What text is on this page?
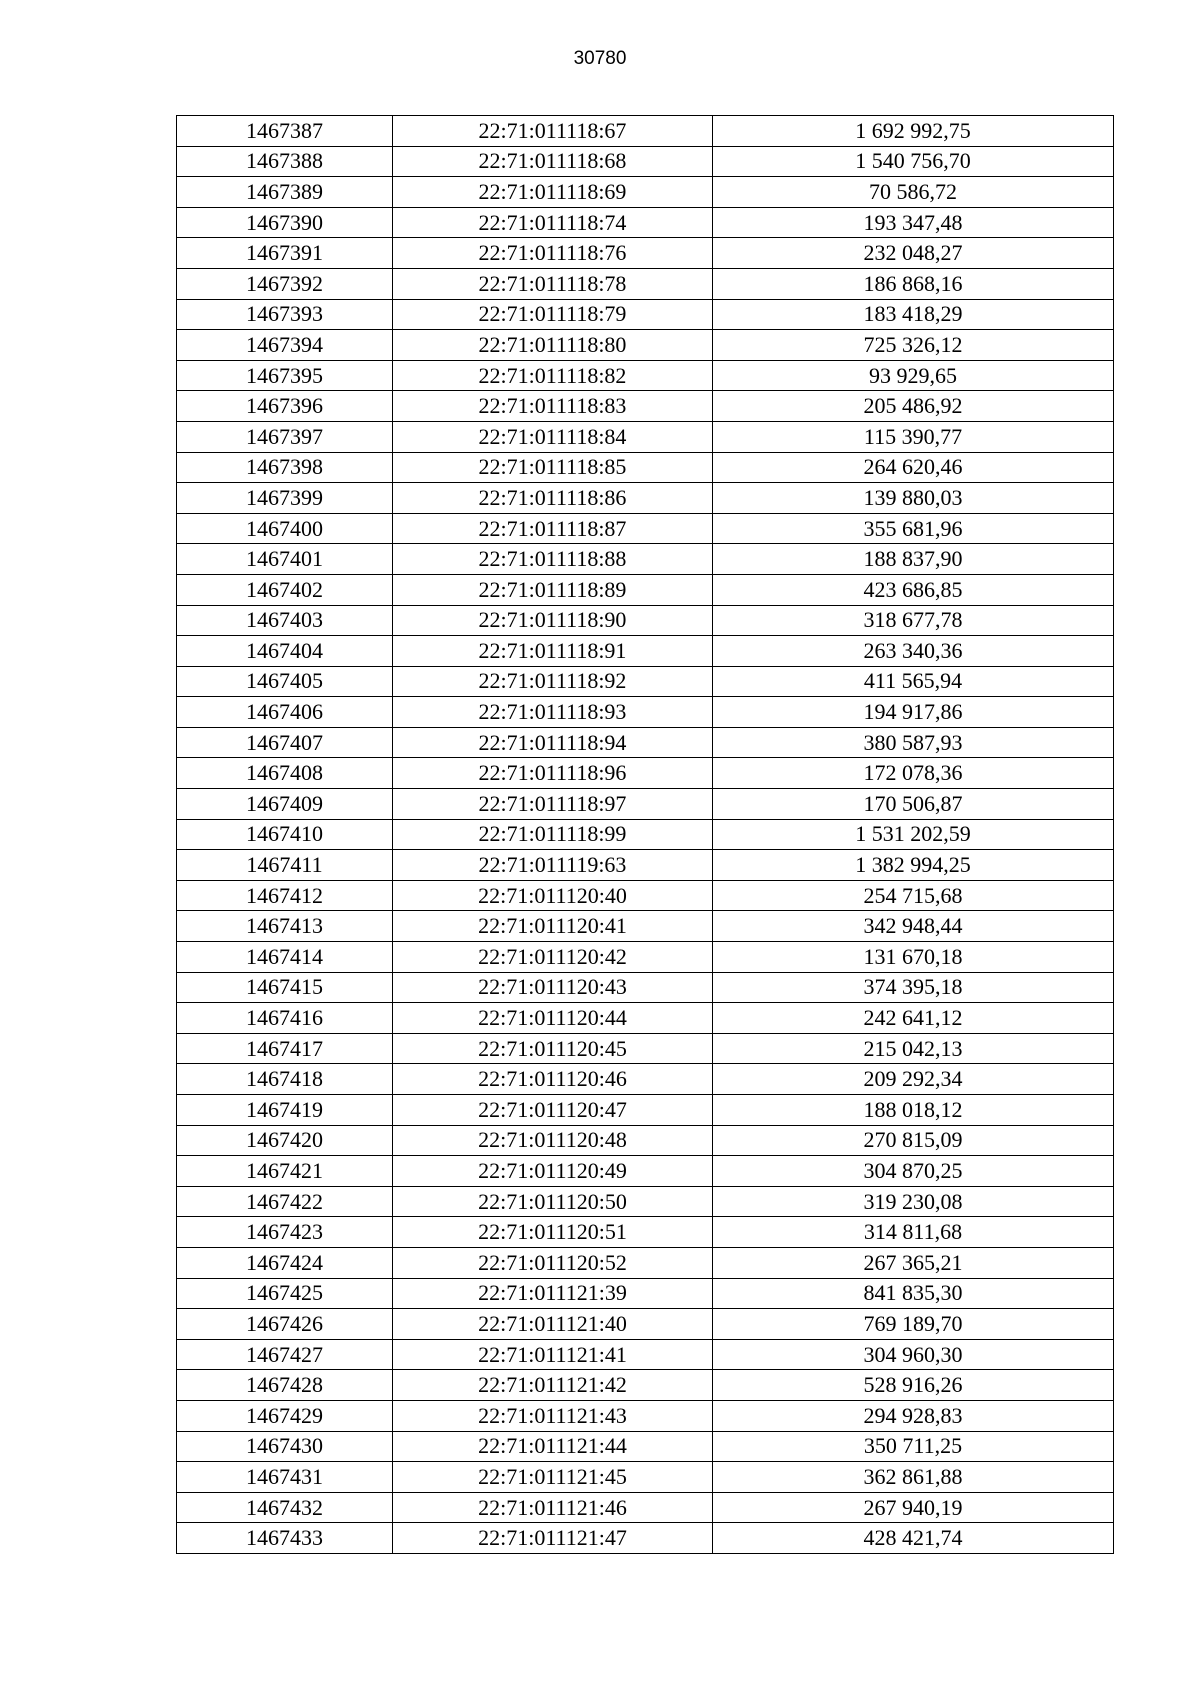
30780
1467387	22:71:011118:67	1 692 992,75
1467388	22:71:011118:68	1 540 756,70
1467389	22:71:011118:69	70 586,72
1467390	22:71:011118:74	193 347,48
1467391	22:71:011118:76	232 048,27
1467392	22:71:011118:78	186 868,16
1467393	22:71:011118:79	183 418,29
1467394	22:71:011118:80	725 326,12
1467395	22:71:011118:82	93 929,65
1467396	22:71:011118:83	205 486,92
1467397	22:71:011118:84	115 390,77
1467398	22:71:011118:85	264 620,46
1467399	22:71:011118:86	139 880,03
1467400	22:71:011118:87	355 681,96
1467401	22:71:011118:88	188 837,90
1467402	22:71:011118:89	423 686,85
1467403	22:71:011118:90	318 677,78
1467404	22:71:011118:91	263 340,36
1467405	22:71:011118:92	411 565,94
1467406	22:71:011118:93	194 917,86
1467407	22:71:011118:94	380 587,93
1467408	22:71:011118:96	172 078,36
1467409	22:71:011118:97	170 506,87
1467410	22:71:011118:99	1 531 202,59
1467411	22:71:011119:63	1 382 994,25
1467412	22:71:011120:40	254 715,68
1467413	22:71:011120:41	342 948,44
1467414	22:71:011120:42	131 670,18
1467415	22:71:011120:43	374 395,18
1467416	22:71:011120:44	242 641,12
1467417	22:71:011120:45	215 042,13
1467418	22:71:011120:46	209 292,34
1467419	22:71:011120:47	188 018,12
1467420	22:71:011120:48	270 815,09
1467421	22:71:011120:49	304 870,25
1467422	22:71:011120:50	319 230,08
1467423	22:71:011120:51	314 811,68
1467424	22:71:011120:52	267 365,21
1467425	22:71:011121:39	841 835,30
1467426	22:71:011121:40	769 189,70
1467427	22:71:011121:41	304 960,30
1467428	22:71:011121:42	528 916,26
1467429	22:71:011121:43	294 928,83
1467430	22:71:011121:44	350 711,25
1467431	22:71:011121:45	362 861,88
1467432	22:71:011121:46	267 940,19
1467433	22:71:011121:47	428 421,74
